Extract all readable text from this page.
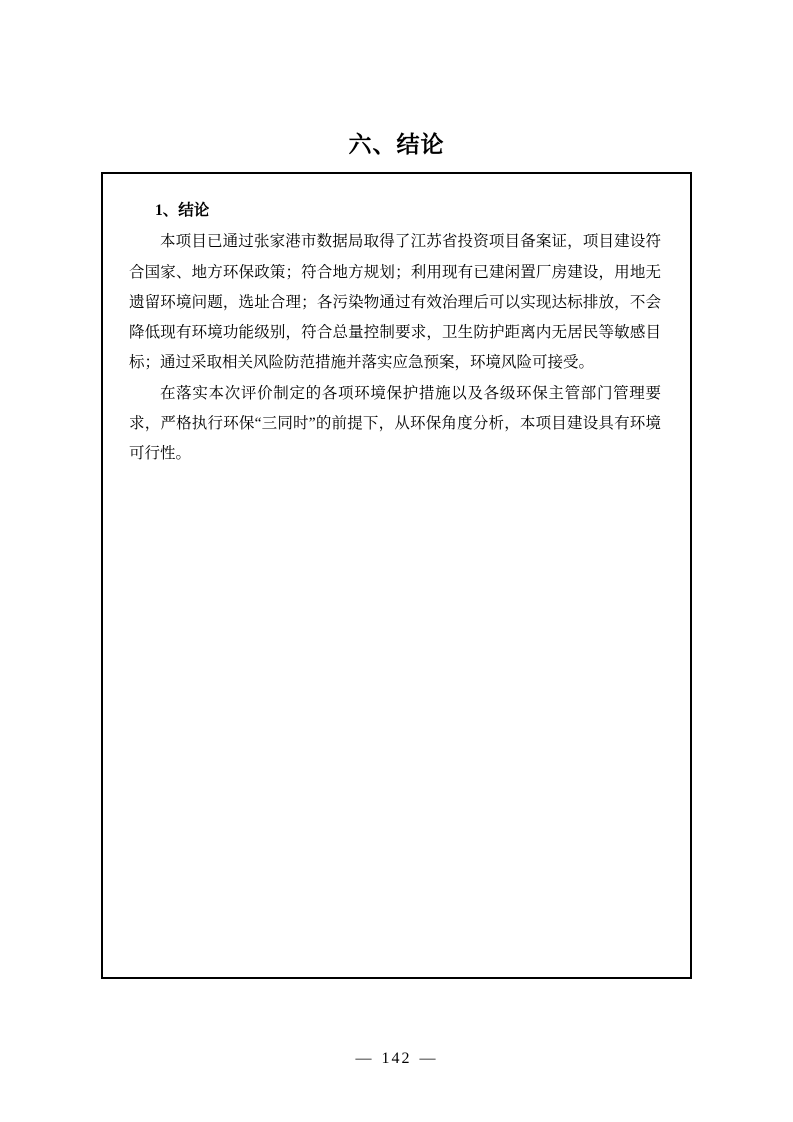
六、结论
1、结论

本项目已通过张家港市数据局取得了江苏省投资项目备案证，项目建设符合国家、地方环保政策；符合地方规划；利用现有已建闲置厂房建设，用地无遗留环境问题，选址合理；各污染物通过有效治理后可以实现达标排放，不会降低现有环境功能级别，符合总量控制要求，卫生防护距离内无居民等敏感目标；通过采取相关风险防范措施并落实应急预案，环境风险可接受。

在落实本次评价制定的各项环境保护措施以及各级环保主管部门管理要求，严格执行环保“三同时”的前提下，从环保角度分析，本项目建设具有环境可行性。

— 142 —
